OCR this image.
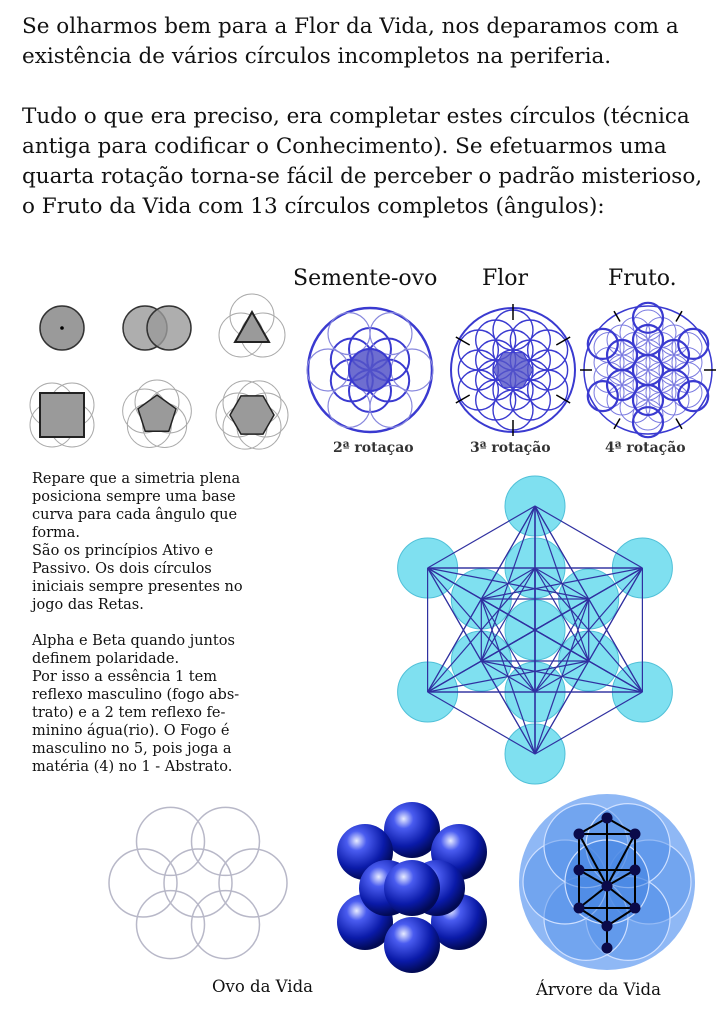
Se olharmos bem para a Flor da Vida, nos deparamos com a
existência de vários círculos incompletos na periferia.

Tudo o que era preciso, era completar estes círculos (técnica
antiga para codificar o Conhecimento). Se efetuarmos uma
quarta rotação torna-se fácil de perceber o padrão misterioso,
o Fruto da Vida com 13 círculos completos (ângulos):

Semente-ovo Flor	Fruto.
2ª rotaçao	3ª rotação	4ª rotação

Repare que a simetria plena
posiciona sempre uma base
curva para cada ângulo que
forma.
São os princípios Ativo e
Passivo. Os dois círculos
iniciais sempre presentes no
jogo das Retas.

Alpha e Beta quando juntos
definem polaridade.
Por isso a essência 1 tem
reflexo masculino (fogo abs-
trato) e a 2 tem reflexo fe-
minino água(rio). O Fogo é
masculino no 5, pois joga a
matéria (4) no 1 - Abstrato.

Ovo da Vida	Árvore da Vida
